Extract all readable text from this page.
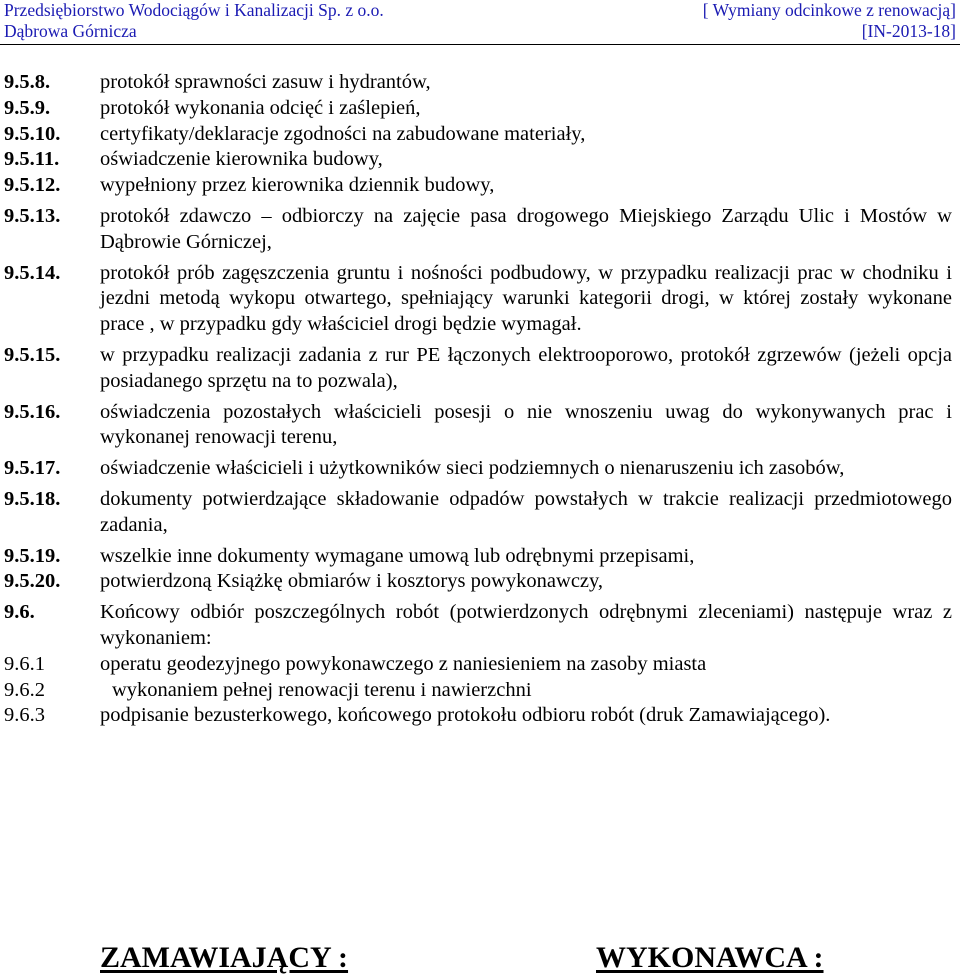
Przedsiębiorstwo Wodociągów i Kanalizacji Sp. z o.o.	[ Wymiany odcinkowe z renowacją]
Dąbrowa Górnicza	[IN-2013-18]
9.5.8.	protokół sprawności zasuw i hydrantów,
9.5.9.	protokół wykonania odcięć i zaślepień,
9.5.10.	certyfikaty/deklaracje zgodności na zabudowane materiały,
9.5.11.	oświadczenie kierownika budowy,
9.5.12.	wypełniony przez kierownika dziennik budowy,
9.5.13.	protokół zdawczo – odbiorczy na zajęcie pasa drogowego Miejskiego Zarządu Ulic i Mostów w Dąbrowie Górniczej,
9.5.14.	protokół prób zagęszczenia gruntu i nośności podbudowy, w przypadku realizacji prac w chodniku i jezdni metodą wykopu otwartego, spełniający warunki kategorii drogi, w której zostały wykonane prace , w przypadku gdy właściciel drogi będzie wymagał.
9.5.15.	w przypadku realizacji zadania z rur PE łączonych elektrooporowo, protokół zgrzewów (jeżeli opcja posiadanego sprzętu na to pozwala),
9.5.16.	oświadczenia pozostałych właścicieli posesji o nie wnoszeniu uwag do wykonywanych prac i wykonanej renowacji terenu,
9.5.17.	oświadczenie właścicieli i użytkowników sieci podziemnych o nienaruszeniu ich zasobów,
9.5.18.	dokumenty potwierdzające składowanie odpadów powstałych w trakcie realizacji przedmiotowego zadania,
9.5.19.	wszelkie inne dokumenty wymagane umową lub odrębnymi przepisami,
9.5.20.	potwierdzoną Książkę obmiarów i kosztorys powykonawczy,
9.6.	Końcowy odbiór poszczególnych robót (potwierdzonych odrębnymi zleceniami) następuje wraz z wykonaniem:
9.6.1	operatu geodezyjnego powykonawczego z naniesieniem na zasoby miasta
9.6.2	wykonaniem pełnej renowacji terenu i nawierzchni
9.6.3	podpisanie bezusterkowego, końcowego protokołu odbioru robót (druk Zamawiającego).
ZAMAWIAJĄCY :	WYKONAWCA :
